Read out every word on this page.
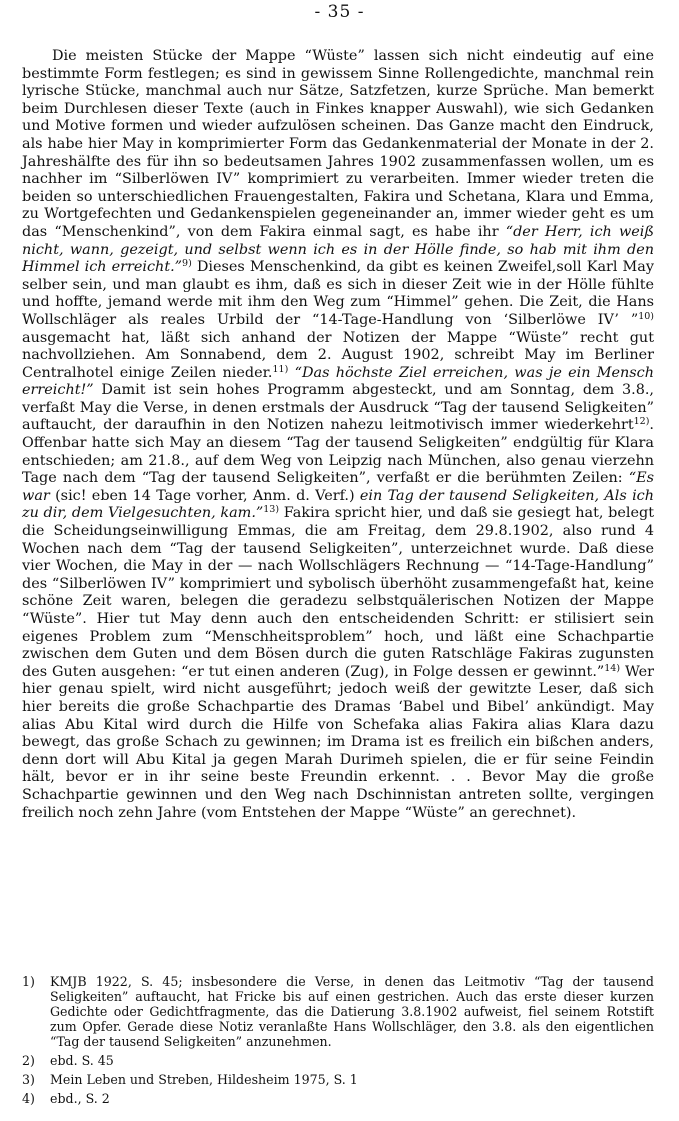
- 35 -

Die meisten Stücke der Mappe “Wüste” lassen sich nicht eindeutig auf eine bestimmte Form festlegen; es sind in gewissem Sinne Rollengedichte, manchmal rein lyrische Stücke, manchmal auch nur Sätze, Satzfetzen, kurze Sprüche. Man bemerkt beim Durchlesen dieser Texte (auch in Finkes knapper Auswahl), wie sich Gedanken und Motive formen und wieder aufzulösen scheinen. Das Ganze macht den Eindruck, als habe hier May in komprimierter Form das Gedankenmaterial der Monate in der 2. Jahreshälfte des für ihn so bedeutsamen Jahres 1902 zusammenfassen wollen, um es nachher im “Silberlöwen IV” komprimiert zu verarbeiten. Immer wieder treten die beiden so unterschiedlichen Frauengestalten, Fakira und Schetana, Klara und Emma, zu Wortgefechten und Gedankenspielen gegeneinander an, immer wieder geht es um das “Menschenkind”, von dem Fakira einmal sagt, es habe ihr “der Herr, ich weiß nicht, wann, gezeigt, und selbst wenn ich es in der Hölle finde, so hab mit ihm den Himmel ich erreicht.”$^{9)}$ Dieses Menschenkind, da gibt es keinen Zweifel,soll Karl May selber sein, und man glaubt es ihm, daß es sich in dieser Zeit wie in der Hölle fühlte und hoffte, jemand werde mit ihm den Weg zum “Himmel” gehen. Die Zeit, die Hans Wollschläger als reales Urbild der “14-Tage-Handlung von ‘Silberlöwe IV’ ”$^{10)}$ ausgemacht hat, läßt sich anhand der Notizen der Mappe “Wüste” recht gut nachvollziehen. Am Sonnabend, dem 2. August 1902, schreibt May im Berliner Centralhotel einige Zeilen nieder.$^{11)}$ “Das höchste Ziel erreichen, was je ein Mensch erreicht!” Damit ist sein hohes Programm abgesteckt, und am Sonntag, dem 3.8., verfaßt May die Verse, in denen erstmals der Ausdruck “Tag der tausend Seligkeiten” auftaucht, der daraufhin in den Notizen nahezu leitmotivisch immer wiederkehrt$^{12)}$. Offenbar hatte sich May an diesem “Tag der tausend Seligkeiten” endgültig für Klara entschieden; am 21.8., auf dem Weg von Leipzig nach München, also genau vierzehn Tage nach dem “Tag der tausend Seligkeiten”, verfaßt er die berühmten Zeilen: “Es war (sic! eben 14 Tage vorher, Anm. d. Verf.) ein Tag der tausend Seligkeiten, Als ich zu dir, dem Vielgesuchten, kam.”$^{13)}$ Fakira spricht hier, und daß sie gesiegt hat, belegt die Scheidungseinwilligung Emmas, die am Freitag, dem 29.8.1902, also rund 4 Wochen nach dem “Tag der tausend Seligkeiten”, unterzeichnet wurde. Daß diese vier Wochen, die May in der — nach Wollschlägers Rechnung — “14-Tage-Handlung” des “Silberlöwen IV” komprimiert und sybolisch überhöht zusammengefaßt hat, keine schöne Zeit waren, belegen die geradezu selbstquälerischen Notizen der Mappe “Wüste”. Hier tut May denn auch den entscheidenden Schritt: er stilisiert sein eigenes Problem zum “Menschheitsproblem” hoch, und läßt eine Schachpartie zwischen dem Guten und dem Bösen durch die guten Ratschläge Fakiras zugunsten des Guten ausgehen: “er tut einen anderen (Zug), in Folge dessen er gewinnt.”$^{14)}$ Wer hier genau spielt, wird nicht ausgeführt; jedoch weiß der gewitzte Leser, daß sich hier bereits die große Schachpartie des Dramas ‘Babel und Bibel’ ankündigt. May alias Abu Kital wird durch die Hilfe von Schefaka alias Fakira alias Klara dazu bewegt, das große Schach zu gewinnen; im Drama ist es freilich ein bißchen anders, denn dort will Abu Kital ja gegen Marah Durimeh spielen, die er für seine Feindin hält, bevor er in ihr seine beste Freundin erkennt. . . Bevor May die große Schachpartie gewinnen und den Weg nach Dschinnistan antreten sollte, vergingen freilich noch zehn Jahre (vom Entstehen der Mappe “Wüste” an gerechnet).

1)	KMJB 1922, S. 45; insbesondere die Verse, in denen das Leitmotiv “Tag der tausend Seligkeiten” auftaucht, hat Fricke bis auf einen gestrichen. Auch das erste dieser kurzen Gedichte oder Gedichtfragmente, das die Datierung 3.8.1902 aufweist, fiel seinem Rotstift zum Opfer. Gerade diese Notiz veranlaßte Hans Wollschläger, den 3.8. als den eigentlichen “Tag der tausend Seligkeiten” anzunehmen.
2)	ebd. S. 45
3)	Mein Leben und Streben, Hildesheim 1975, S. 1
4)	ebd., S. 2
